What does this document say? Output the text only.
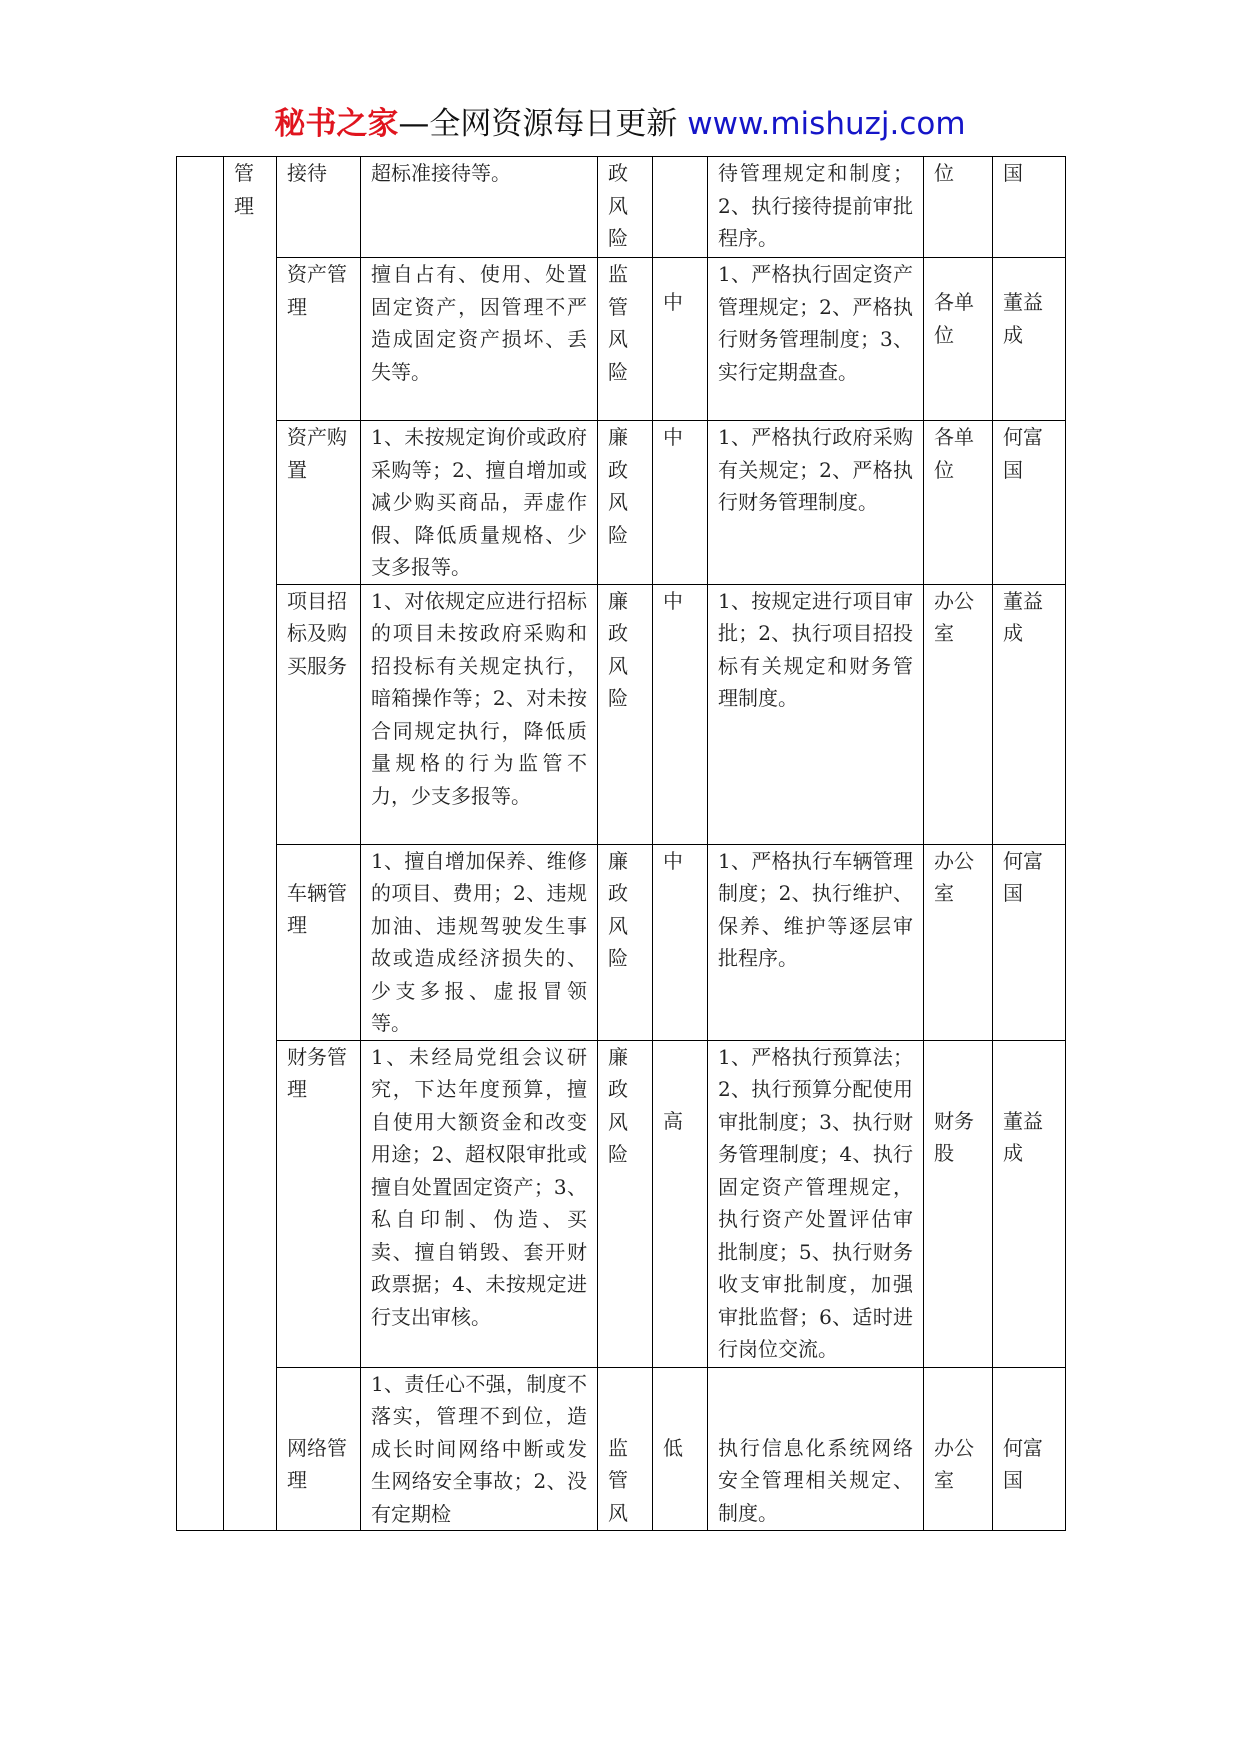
秘书之家—全网资源每日更新 www.mishuzj.com
	管理	接待	超标准接待等。	政风险		待管理规定和制度；2、执行接待提前审批程序。	位	国
		资产管理	擅自占有、使用、处置固定资产，因管理不严造成固定资产损坏、丢失等。	监管风险	中	1、严格执行固定资产管理规定；2、严格执行财务管理制度；3、实行定期盘查。	各单位	董益成
		资产购置	1、未按规定询价或政府采购等；2、擅自增加或减少购买商品，弄虚作假、降低质量规格、少支多报等。	廉政风险	中	1、严格执行政府采购有关规定；2、严格执行财务管理制度。	各单位	何富国
		项目招标及购买服务	1、对依规定应进行招标的项目未按政府采购和招投标有关规定执行，暗箱操作等；2、对未按合同规定执行，降低质量规格的行为监管不力，少支多报等。	廉政风险	中	1、按规定进行项目审批；2、执行项目招投标有关规定和财务管理制度。	办公室	董益成
		车辆管理	1、擅自增加保养、维修的项目、费用；2、违规加油、违规驾驶发生事故或造成经济损失的、少支多报、虚报冒领等。	廉政风险	中	1、严格执行车辆管理制度；2、执行维护、保养、维护等逐层审批程序。	办公室	何富国
		财务管理	1、未经局党组会议研究，下达年度预算，擅自使用大额资金和改变用途；2、超权限审批或擅自处置固定资产；3、私自印制、伪造、买卖、擅自销毁、套开财政票据；4、未按规定进行支出审核。	廉政风险	高	1、严格执行预算法；2、执行预算分配使用审批制度；3、执行财务管理制度；4、执行固定资产管理规定，执行资产处置评估审批制度；5、执行财务收支审批制度，加强审批监督；6、适时进行岗位交流。	财务股	董益成
		网络管理	1、责任心不强，制度不落实，管理不到位，造成长时间网络中断或发生网络安全事故；2、没有定期检	监管风	低	执行信息化系统网络安全管理相关规定、制度。	办公室	何富国
